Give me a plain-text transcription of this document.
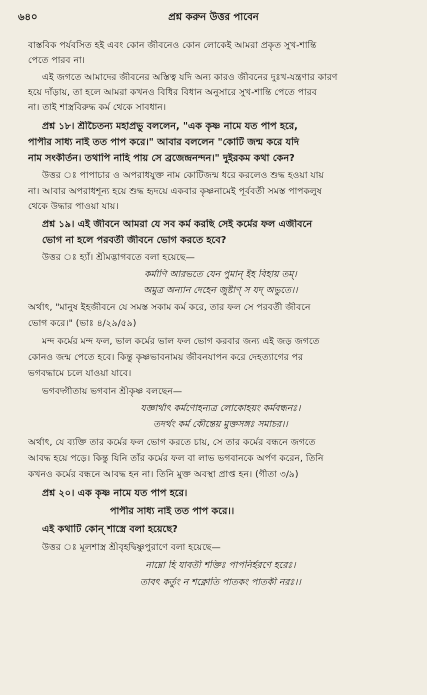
৬৪০	প্রশ্ন করুন উত্তর পাবেন
বাস্তবিক পর্যবসিত হই এবং কোন জীবনেও কোন লোকেই আমরা প্রকৃত সুখ-শান্তি
পেতে পারব না।
এই জগতে আমাদের জীবনের অস্তিত্ব যদি অন্য কারও জীবনের দুঃখ-যন্ত্রণার কারণ
হয়ে দাঁড়ায়, তা হলে আমরা কখনও বিধির বিধান অনুসারে সুখ-শান্তি পেতে পারব
না। তাই শাস্ত্রবিরুদ্ধ কর্ম থেকে সাবধান।
প্রশ্ন ১৮। শ্রীচৈতন্য মহাপ্রভু বললেন, "এক কৃষ্ণ নামে যত পাপ হরে,
পাপীর সাধ্য নাই তত পাপ করে।" আবার বললেন "কোটি জন্ম করে যদি
নাম সংকীর্তন। তথাপি নাহি পায় সে ব্রজেন্দ্রনন্দন।" দুইরকম কথা কেন?
উত্তর ঃ পাপাচার ও অপরাধযুক্ত নাম কোটিজন্ম ধরে করলেও শুদ্ধ হওয়া যায়
না। আবার অপরাধশূন্য হয়ে শুদ্ধ হৃদয়ে একবার কৃষ্ণনামেই পূর্ববর্তী সমস্ত পাপকলুষ
থেকে উদ্ধার পাওয়া যায়।
প্রশ্ন ১৯। এই জীবনে আমরা যে সব কর্ম করছি সেই কর্মের ফল এজীবনে
ভোগ না হলে পরবর্তী জীবনে ভোগ করতে হবে?
উত্তর ঃ হ্যাঁ। শ্রীমদ্ভাগবতে বলা হয়েছে—
কর্মাণি আরভতে যেন পুমান্ ইহ বিহায় তম্।
অমুত্র অন্যান দেহেন জুষ্টাণ্ স যদ্ অভুতে।।
অর্থাৎ, "মানুষ ইহজীবনে যে সমস্ত সকাম কর্ম করে, তার ফল সে পরবর্তী জীবনে
ভোগ করে।" (ভাঃ ৪/২৯/৫৯)
মন্দ কর্মের মন্দ ফল, ভাল কর্মের ভাল ফল ভোগ করবার জন্য এই জড় জগতে
কোনও জন্ম পেতে হবে। কিন্তু কৃষ্ণভাবনাময় জীবনযাপন করে দেহত্যাগের পর
ভগবদ্ধামে চলে যাওয়া যাবে।
ভগবদ্গীতায় ভগবান শ্রীকৃষ্ণ বলছেন—
যজ্ঞার্থাৎ কর্মণোহন্যত্র লোকোহয়ং কর্মবন্ধনঃ।
তদর্থং কর্ম কৌন্তেয় মুক্তসঙ্গঃ সমাচর।।
অর্থাৎ, যে ব্যক্তি তার কর্মের ফল ভোগ করতে চায়, সে তার কর্মের বন্ধনে জগতে
আবদ্ধ হয়ে পড়ে। কিন্তু যিনি তাঁর কর্মের ফল বা লাভ ভগবানকে অর্পণ করেন, তিনি
কখনও কর্মের বন্ধনে আবদ্ধ হন না। তিনি মুক্ত অবস্থা প্রাপ্ত হন। (গীতা ৩/৯)
প্রশ্ন ২০। এক কৃষ্ণ নামে যত পাপ হরে।
পাপীর সাধ্য নাই তত পাপ করে।।
এই কথাটি কোন্ শাস্ত্রে বলা হয়েছে?
উত্তর ঃ মূলশাস্ত্র শ্রীবৃহদ্বিষ্ণুপুরাণে বলা হয়েছে—
নাম্নো হি যাবতী শক্তিঃ পাপনির্হরণে হরেঃ।
তাবৎ কর্তুং ন শক্নোতি পাতকং পাতকী নরঃ।।
